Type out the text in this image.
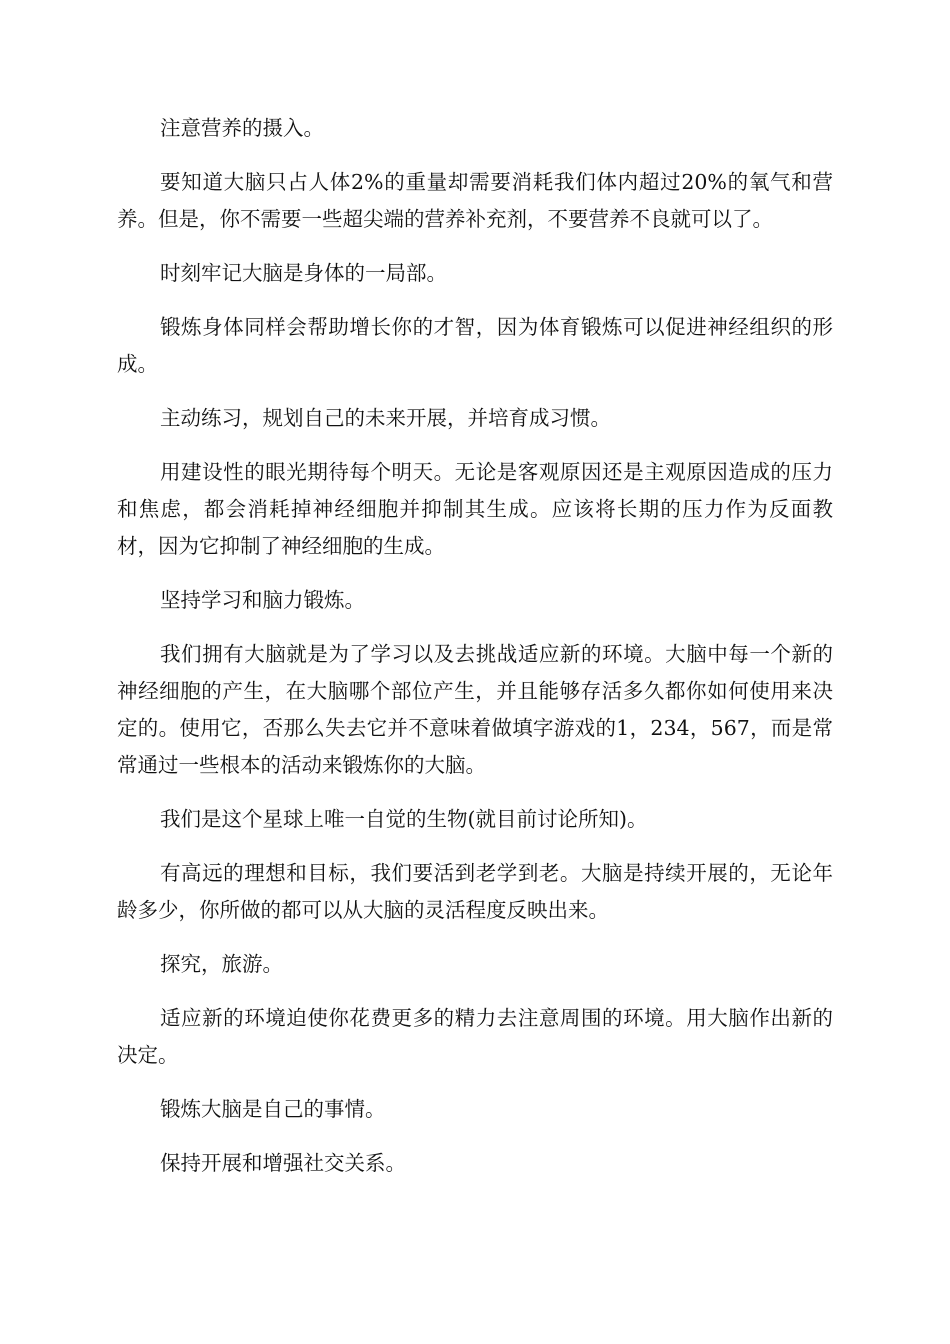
注意营养的摄入。

要知道大脑只占人体2%的重量却需要消耗我们体内超过20%的氧气和营养。但是，你不需要一些超尖端的营养补充剂，不要营养不良就可以了。

时刻牢记大脑是身体的一局部。

锻炼身体同样会帮助增长你的才智，因为体育锻炼可以促进神经组织的形成。

主动练习，规划自己的未来开展，并培育成习惯。

用建设性的眼光期待每个明天。无论是客观原因还是主观原因造成的压力和焦虑，都会消耗掉神经细胞并抑制其生成。应该将长期的压力作为反面教材，因为它抑制了神经细胞的生成。

坚持学习和脑力锻炼。

我们拥有大脑就是为了学习以及去挑战适应新的环境。大脑中每一个新的神经细胞的产生，在大脑哪个部位产生，并且能够存活多久都你如何使用来决定的。使用它，否那么失去它并不意味着做填字游戏的1，234，567，而是常常通过一些根本的活动来锻炼你的大脑。

我们是这个星球上唯一自觉的生物(就目前讨论所知)。

有高远的理想和目标，我们要活到老学到老。大脑是持续开展的，无论年龄多少，你所做的都可以从大脑的灵活程度反映出来。

探究，旅游。

适应新的环境迫使你花费更多的精力去注意周围的环境。用大脑作出新的决定。

锻炼大脑是自己的事情。

保持开展和增强社交关系。
